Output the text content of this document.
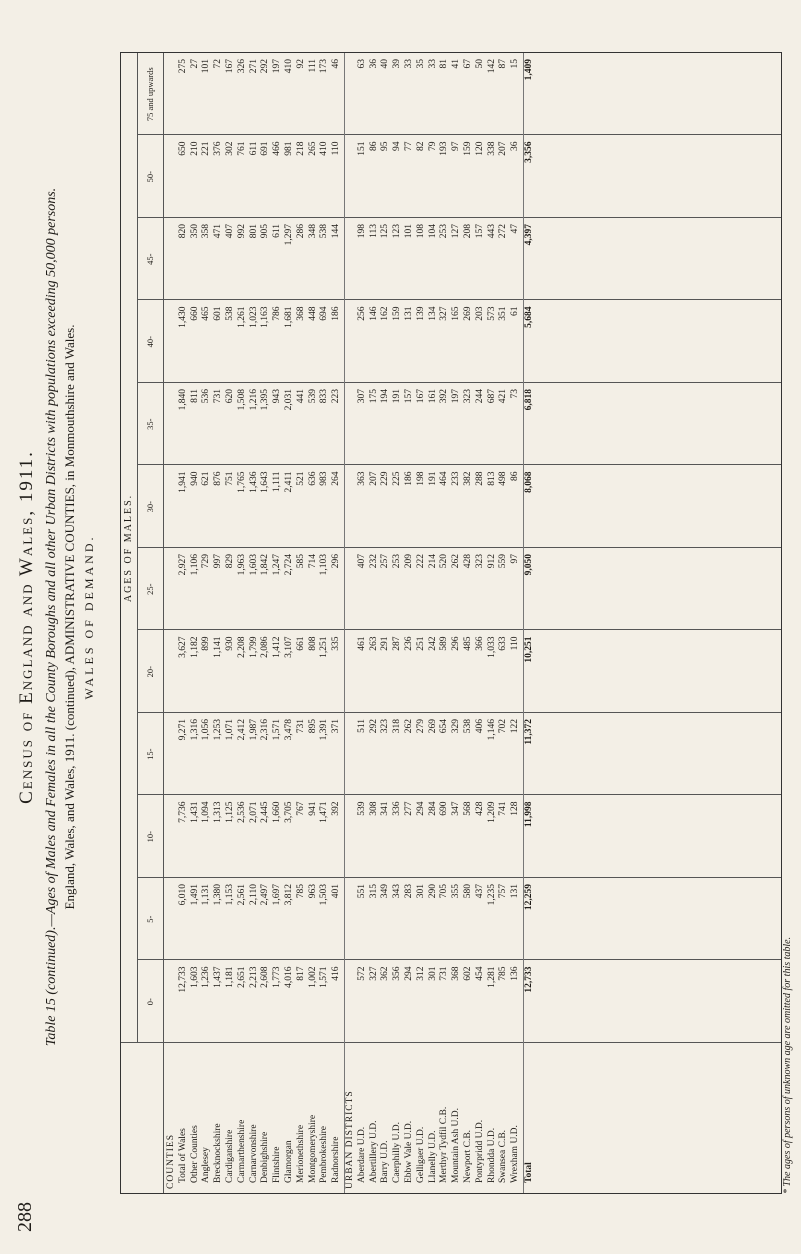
288
Census of England and Wales, 1911. Table 15 (continued).—Ages of Males and Females in all the County Boroughs and all other Urban Districts with populations exceeding 50,000 persons. England, Wales, and Wales, 1911. (continued), ADMINISTRATIVE COUNTIES, in Monmouthshire and Wales. WALES OF DEMAND.	AGES OF MALES.
0-
5-
10-
15-
20-
25-
30-
35-
40-
45-
50-
75 and upwards
COUNTIES Total of Wales
12,733
6,010
7,736
9,271
3,627
2,927
1,941
1,840
1,430
820
650
275
Other Counties
1,603
1,491
1,431
1,316
1,182
1,106
940
811
660
350
210
27
Anglesey
1,236
1,131
1,094
1,056
899
729
621
536
465
358
221
101
Brecknockshire
1,437
1,380
1,313
1,253
1,141
997
876
731
601
471
376
72
Cardiganshire
1,181
1,153
1,125
1,071
930
829
751
620
538
407
302
167
Carmarthenshire
2,651
2,561
2,536
2,412
2,208
1,963
1,765
1,508
1,261
992
761
326
Carnarvonshire
2,213
2,110
2,071
1,987
1,799
1,603
1,436
1,216
1,023
801
611
271
Denbighshire
2,608
2,497
2,445
2,316
2,086
1,842
1,643
1,395
1,163
905
691
292
Flintshire
1,773
1,697
1,660
1,571
1,412
1,247
1,111
943
786
611
466
197
Glamorgan
4,016
3,812
3,705
3,478
3,107
2,724
2,411
2,031
1,681
1,297
981
410
Merionethshire
817
785
767
731
661
585
521
441
368
286
218
92
Montgomeryshire
1,002
963
941
895
808
714
636
539
448
348
265
111
Pembrokeshire
1,571
1,503
1,471
1,391
1,251
1,103
983
833
694
538
410
173
Radnorshire
416
401
392
371
335
296
264
223
186
144
110
46
URBAN DISTRICTS Aberdare U.D.
572
551
539
511
461
407
363
307
256
198
151
63
Abertillery U.D.
327
315
308
292
263
232
207
175
146
113
86
36
Barry U.D.
362
349
341
323
291
257
229
194
162
125
95
40
Caerphilly U.D.
356
343
336
318
287
253
225
191
159
123
94
39
Ebbw Vale U.D.
294
283
277
262
236
209
186
157
131
101
77
33
Gelligaer U.D.
312
301
294
279
251
222
198
167
139
108
82
35
Llanelly U.D.
301
290
284
269
242
214
191
161
134
104
79
33
Merthyr Tydfil C.B.
731
705
690
654
589
520
464
392
327
253
193
81
Mountain Ash U.D.
368
355
347
329
296
262
233
197
165
127
97
41
Newport C.B.
602
580
568
538
485
428
382
323
269
208
159
67
Pontypridd U.D.
454
437
428
406
366
323
288
244
203
157
120
50
Rhondda U.D.
1,281
1,235
1,209
1,146
1,033
912
813
687
573
443
338
142
Swansea C.B.
785
757
741
702
633
559
498
421
351
272
207
87
Wrexham U.D.
136
131
128
122
110
97
86
73
61
47
36
15
Total
12,733
12,259
11,998
11,372
10,251
9,050
8,068
6,818
5,684
4,397
3,356
1,409
* The ages of persons of unknown age are omitted for this table.
